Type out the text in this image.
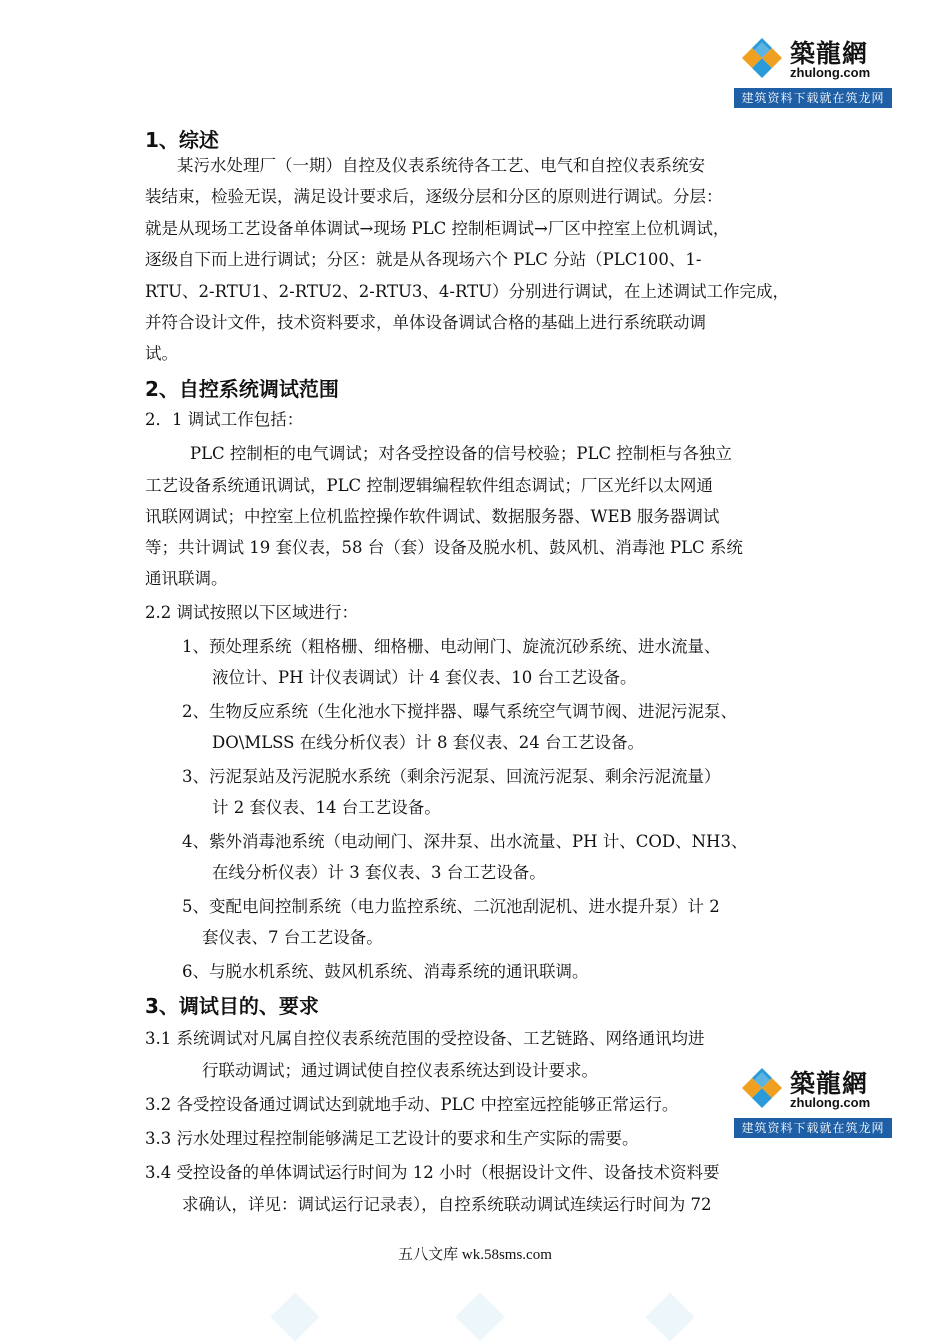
築龍網
zhulong.com
建筑资料下载就在筑龙网
1、综述
某污水处理厂（一期）自控及仪表系统待各工艺、电气和自控仪表系统安
装结束，检验无误，满足设计要求后，逐级分层和分区的原则进行调试。分层：
就是从现场工艺设备单体调试→现场 PLC 控制柜调试→厂区中控室上位机调试，
逐级自下而上进行调试；分区：就是从各现场六个 PLC 分站（PLC100、1-
RTU、2-RTU1、2-RTU2、2-RTU3、4-RTU）分别进行调试，在上述调试工作完成，
并符合设计文件，技术资料要求，单体设备调试合格的基础上进行系统联动调
试。
2、自控系统调试范围
2．1 调试工作包括：
PLC 控制柜的电气调试；对各受控设备的信号校验；PLC 控制柜与各独立
工艺设备系统通讯调试，PLC 控制逻辑编程软件组态调试；厂区光纤以太网通
讯联网调试；中控室上位机监控操作软件调试、数据服务器、WEB 服务器调试
等；共计调试 19 套仪表，58 台（套）设备及脱水机、鼓风机、消毒池 PLC 系统
通讯联调。
2.2 调试按照以下区域进行：
1、预处理系统（粗格栅、细格栅、电动闸门、旋流沉砂系统、进水流量、
液位计、PH 计仪表调试）计 4 套仪表、10 台工艺设备。
2、生物反应系统（生化池水下搅拌器、曝气系统空气调节阀、进泥污泥泵、
DO\MLSS 在线分析仪表）计 8 套仪表、24 台工艺设备。
3、污泥泵站及污泥脱水系统（剩余污泥泵、回流污泥泵、剩余污泥流量）
计 2 套仪表、14 台工艺设备。
4、紫外消毒池系统（电动闸门、深井泵、出水流量、PH 计、COD、NH3、
在线分析仪表）计 3 套仪表、3 台工艺设备。
5、变配电间控制系统（电力监控系统、二沉池刮泥机、进水提升泵）计 2
套仪表、7 台工艺设备。
6、与脱水机系统、鼓风机系统、消毒系统的通讯联调。
3、调试目的、要求
3.1 系统调试对凡属自控仪表系统范围的受控设备、工艺链路、网络通讯均进
行联动调试；通过调试使自控仪表系统达到设计要求。
3.2 各受控设备通过调试达到就地手动、PLC 中控室远控能够正常运行。
3.3 污水处理过程控制能够满足工艺设计的要求和生产实际的需要。
3.4 受控设备的单体调试运行时间为 12 小时（根据设计文件、设备技术资料要
求确认，详见：调试运行记录表），自控系统联动调试连续运行时间为 72
築龍網
zhulong.com
建筑资料下载就在筑龙网
五八文库 wk.58sms.com
